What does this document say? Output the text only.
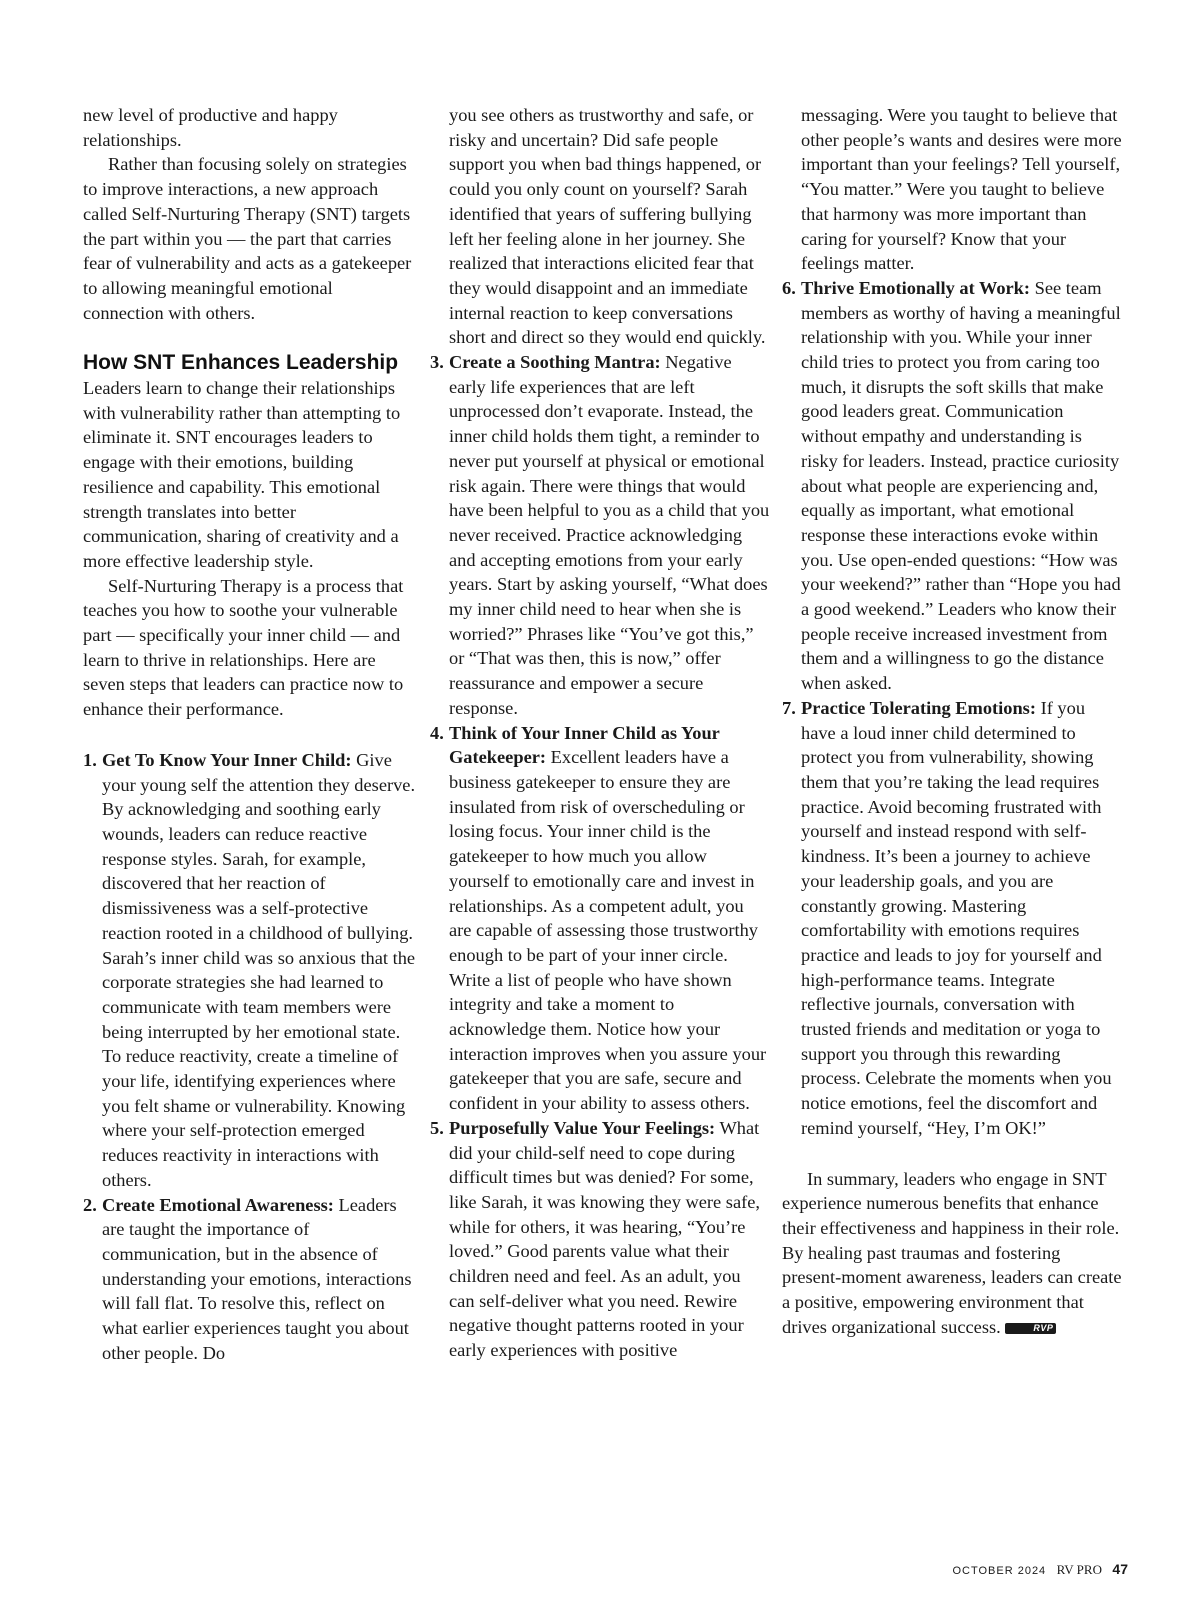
new level of productive and happy relationships.

Rather than focusing solely on strategies to improve interactions, a new approach called Self-Nurturing Therapy (SNT) targets the part within you — the part that carries fear of vulnerability and acts as a gatekeeper to allowing meaningful emotional connection with others.

How SNT Enhances Leadership

Leaders learn to change their relationships with vulnerability rather than attempting to eliminate it. SNT encourages leaders to engage with their emotions, building resilience and capability. This emotional strength translates into better communication, sharing of creativity and a more effective leadership style.

Self-Nurturing Therapy is a process that teaches you how to soothe your vulnerable part — specifically your inner child — and learn to thrive in relationships. Here are seven steps that leaders can practice now to enhance their performance.

1. Get To Know Your Inner Child: Give your young self the attention they deserve. By acknowledging and soothing early wounds, leaders can reduce reactive response styles. Sarah, for example, discovered that her reaction of dismissiveness was a self-protective reaction rooted in a childhood of bullying. Sarah’s inner child was so anxious that the corporate strategies she had learned to communicate with team members were being interrupted by her emotional state. To reduce reactivity, create a timeline of your life, identifying experiences where you felt shame or vulnerability. Knowing where your self-protection emerged reduces reactivity in interactions with others.
2. Create Emotional Awareness: Leaders are taught the importance of communication, but in the absence of understanding your emotions, interactions will fall flat. To resolve this, reflect on what earlier experiences taught you about other people. Do
you see others as trustworthy and safe, or risky and uncertain? Did safe people support you when bad things happened, or could you only count on yourself? Sarah identified that years of suffering bullying left her feeling alone in her journey. She realized that interactions elicited fear that they would disappoint and an immediate internal reaction to keep conversations short and direct so they would end quickly.
3. Create a Soothing Mantra: Negative early life experiences that are left unprocessed don’t evaporate. Instead, the inner child holds them tight, a reminder to never put yourself at physical or emotional risk again. There were things that would have been helpful to you as a child that you never received. Practice acknowledging and accepting emotions from your early years. Start by asking yourself, “What does my inner child need to hear when she is worried?” Phrases like “You’ve got this,” or “That was then, this is now,” offer reassurance and empower a secure response.
4. Think of Your Inner Child as Your Gatekeeper: Excellent leaders have a business gatekeeper to ensure they are insulated from risk of overscheduling or losing focus. Your inner child is the gatekeeper to how much you allow yourself to emotionally care and invest in relationships. As a competent adult, you are capable of assessing those trustworthy enough to be part of your inner circle. Write a list of people who have shown integrity and take a moment to acknowledge them. Notice how your interaction improves when you assure your gatekeeper that you are safe, secure and confident in your ability to assess others.
5. Purposefully Value Your Feelings: What did your child-self need to cope during difficult times but was denied? For some, like Sarah, it was knowing they were safe, while for others, it was hearing, “You’re loved.” Good parents value what their children need and feel. As an adult, you can self-deliver what you need. Rewire negative thought patterns rooted in your early experiences with positive
messaging. Were you taught to believe that other people’s wants and desires were more important than your feelings? Tell yourself, “You matter.” Were you taught to believe that harmony was more important than caring for yourself? Know that your feelings matter.
6. Thrive Emotionally at Work: See team members as worthy of having a meaningful relationship with you. While your inner child tries to protect you from caring too much, it disrupts the soft skills that make good leaders great. Communication without empathy and understanding is risky for leaders. Instead, practice curiosity about what people are experiencing and, equally as important, what emotional response these interactions evoke within you. Use open-ended questions: “How was your weekend?” rather than “Hope you had a good weekend.” Leaders who know their people receive increased investment from them and a willingness to go the distance when asked.
7. Practice Tolerating Emotions: If you have a loud inner child determined to protect you from vulnerability, showing them that you’re taking the lead requires practice. Avoid becoming frustrated with yourself and instead respond with self-kindness. It’s been a journey to achieve your leadership goals, and you are constantly growing. Mastering comfortability with emotions requires practice and leads to joy for yourself and high-performance teams. Integrate reflective journals, conversation with trusted friends and meditation or yoga to support you through this rewarding process. Celebrate the moments when you notice emotions, feel the discomfort and remind yourself, “Hey, I’m OK!”

In summary, leaders who engage in SNT experience numerous benefits that enhance their effectiveness and happiness in their role. By healing past traumas and fostering present-moment awareness, leaders can create a positive, empowering environment that drives organizational success.	RVP

OCTOBER 2024 RV PRO 47
